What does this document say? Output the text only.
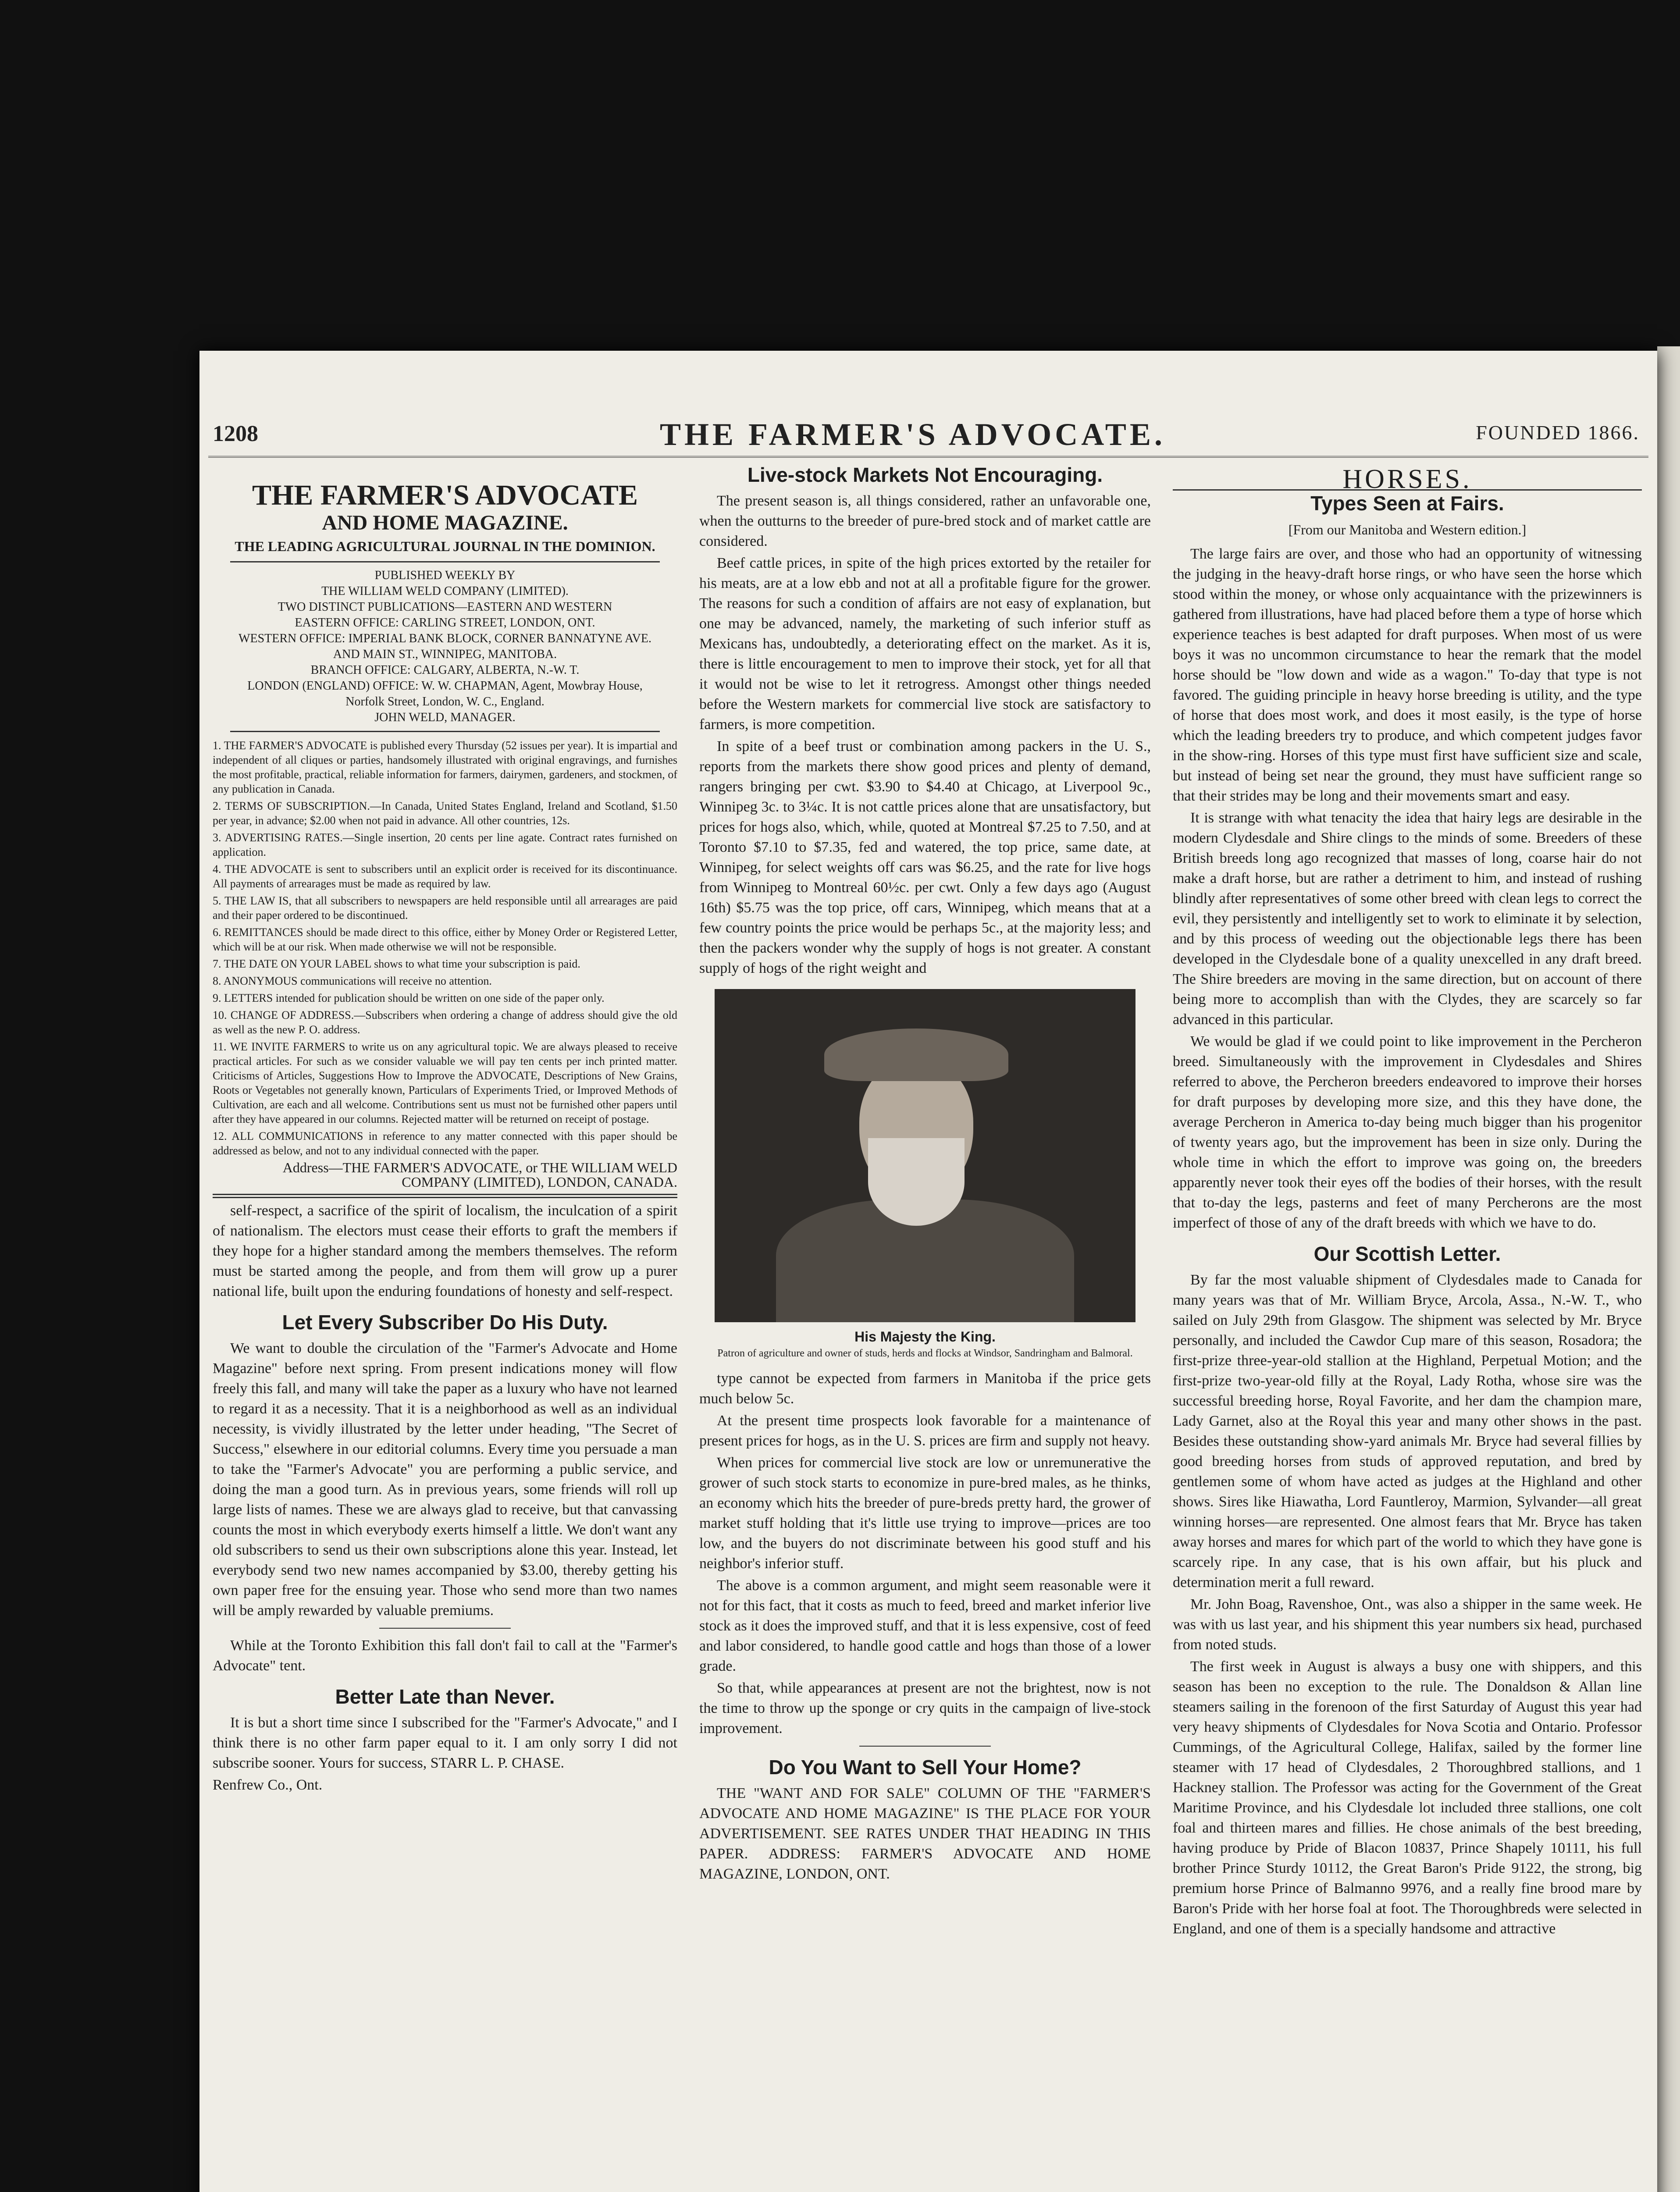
1208	THE FARMER'S ADVOCATE.	FOUNDED 1866.
THE FARMER'S ADVOCATE
AND HOME MAGAZINE.
THE LEADING AGRICULTURAL JOURNAL IN THE DOMINION.
PUBLISHED WEEKLY BY
THE WILLIAM WELD COMPANY (LIMITED).
TWO DISTINCT PUBLICATIONS—EASTERN AND WESTERN
EASTERN OFFICE: CARLING STREET, LONDON, ONT.
WESTERN OFFICE: IMPERIAL BANK BLOCK, CORNER BANNATYNE AVE. AND MAIN ST., WINNIPEG, MANITOBA.
BRANCH OFFICE: CALGARY, ALBERTA, N.-W. T.
LONDON (ENGLAND) OFFICE: W. W. CHAPMAN, Agent, Mowbray House, Norfolk Street, London, W. C., England.
JOHN WELD, MANAGER.
1. THE FARMER'S ADVOCATE is published every Thursday (52 issues per year). It is impartial and independent of all cliques or parties, handsomely illustrated with original engravings, and furnishes the most profitable, practical, reliable information for farmers, dairymen, gardeners, and stockmen, of any publication in Canada.
2. TERMS OF SUBSCRIPTION.—In Canada, United States England, Ireland and Scotland, $1.50 per year, in advance; $2.00 when not paid in advance. All other countries, 12s.
3. ADVERTISING RATES.—Single insertion, 20 cents per line agate. Contract rates furnished on application.
4. THE ADVOCATE is sent to subscribers until an explicit order is received for its discontinuance. All payments of arrearages must be made as required by law.
5. THE LAW IS, that all subscribers to newspapers are held responsible until all arrearages are paid and their paper ordered to be discontinued.
6. REMITTANCES should be made direct to this office, either by Money Order or Registered Letter, which will be at our risk. When made otherwise we will not be responsible.
7. THE DATE ON YOUR LABEL shows to what time your subscription is paid.
8. ANONYMOUS communications will receive no attention.
9. LETTERS intended for publication should be written on one side of the paper only.
10. CHANGE OF ADDRESS.—Subscribers when ordering a change of address should give the old as well as the new P. O. address.
11. WE INVITE FARMERS to write us on any agricultural topic. We are always pleased to receive practical articles. For such as we consider valuable we will pay ten cents per inch printed matter. Criticisms of Articles, Suggestions How to Improve the ADVOCATE, Descriptions of New Grains, Roots or Vegetables not generally known, Particulars of Experiments Tried, or Improved Methods of Cultivation, are each and all welcome. Contributions sent us must not be furnished other papers until after they have appeared in our columns. Rejected matter will be returned on receipt of postage.
12. ALL COMMUNICATIONS in reference to any matter connected with this paper should be addressed as below, and not to any individual connected with the paper.
Address—THE FARMER'S ADVOCATE, or THE WILLIAM WELD COMPANY (LIMITED), LONDON, CANADA.

self-respect, a sacrifice of the spirit of localism, the inculcation of a spirit of nationalism. The electors must cease their efforts to graft the members if they hope for a higher standard among the members themselves. The reform must be started among the people, and from them will grow up a purer national life, built upon the enduring foundations of honesty and self-respect.

Let Every Subscriber Do His Duty.

We want to double the circulation of the "Farmer's Advocate and Home Magazine" before next spring. From present indications money will flow freely this fall, and many will take the paper as a luxury who have not learned to regard it as a necessity. That it is a neighborhood as well as an individual necessity, is vividly illustrated by the letter under heading, "The Secret of Success," elsewhere in our editorial columns. Every time you persuade a man to take the "Farmer's Advocate" you are performing a public service, and doing the man a good turn. As in previous years, some friends will roll up large lists of names. These we are always glad to receive, but that canvassing counts the most in which everybody exerts himself a little. We don't want any old subscribers to send us their own subscriptions alone this year. Instead, let everybody send two new names accompanied by $3.00, thereby getting his own paper free for the ensuing year. Those who send more than two names will be amply rewarded by valuable premiums.

While at the Toronto Exhibition this fall don't fail to call at the "Farmer's Advocate" tent.

Better Late than Never.

It is but a short time since I subscribed for the "Farmer's Advocate," and I think there is no other farm paper equal to it. I am only sorry I did not subscribe sooner. Yours for success, STARR L. P. CHASE.

Renfrew Co., Ont.
Live-stock Markets Not Encouraging.

The present season is, all things considered, rather an unfavorable one, when the outturns to the breeder of pure-bred stock and of market cattle are considered.

Beef cattle prices, in spite of the high prices extorted by the retailer for his meats, are at a low ebb and not at all a profitable figure for the grower. The reasons for such a condition of affairs are not easy of explanation, but one may be advanced, namely, the marketing of such inferior stuff as Mexicans has, undoubtedly, a deteriorating effect on the market. As it is, there is little encouragement to men to improve their stock, yet for all that it would not be wise to let it retrogress. Amongst other things needed before the Western markets for commercial live stock are satisfactory to farmers, is more competition.

In spite of a beef trust or combination among packers in the U. S., reports from the markets there show good prices and plenty of demand, rangers bringing per cwt. $3.90 to $4.40 at Chicago, at Liverpool 9c., Winnipeg 3c. to 3¼c. It is not cattle prices alone that are unsatisfactory, but prices for hogs also, which, while, quoted at Montreal $7.25 to 7.50, and at Toronto $7.10 to $7.35, fed and watered, the top price, same date, at Winnipeg, for select weights off cars was $6.25, and the rate for live hogs from Winnipeg to Montreal 60½c. per cwt. Only a few days ago (August 16th) $5.75 was the top price, off cars, Winnipeg, which means that at a few country points the price would be perhaps 5c., at the majority less; and then the packers wonder why the supply of hogs is not greater. A constant supply of hogs of the right weight and

His Majesty the King.
Patron of agriculture and owner of studs, herds and flocks at Windsor, Sandringham and Balmoral.

type cannot be expected from farmers in Manitoba if the price gets much below 5c.

At the present time prospects look favorable for a maintenance of present prices for hogs, as in the U. S. prices are firm and supply not heavy.

When prices for commercial live stock are low or unremunerative the grower of such stock starts to economize in pure-bred males, as he thinks, an economy which hits the breeder of pure-breds pretty hard, the grower of market stuff holding that it's little use trying to improve—prices are too low, and the buyers do not discriminate between his good stuff and his neighbor's inferior stuff.

The above is a common argument, and might seem reasonable were it not for this fact, that it costs as much to feed, breed and market inferior live stock as it does the improved stuff, and that it is less expensive, cost of feed and labor considered, to handle good cattle and hogs than those of a lower grade.

So that, while appearances at present are not the brightest, now is not the time to throw up the sponge or cry quits in the campaign of live-stock improvement.

Do You Want to Sell Your Home?

THE "WANT AND FOR SALE" COLUMN OF THE "FARMER'S ADVOCATE AND HOME MAGAZINE" IS THE PLACE FOR YOUR ADVERTISEMENT. SEE RATES UNDER THAT HEADING IN THIS PAPER. ADDRESS: FARMER'S ADVOCATE AND HOME MAGAZINE, LONDON, ONT.

HORSES.
Types Seen at Fairs.
[From our Manitoba and Western edition.]

The large fairs are over, and those who had an opportunity of witnessing the judging in the heavy-draft horse rings, or who have seen the horse which stood within the money, or whose only acquaintance with the prizewinners is gathered from illustrations, have had placed before them a type of horse which experience teaches is best adapted for draft purposes. When most of us were boys it was no uncommon circumstance to hear the remark that the model horse should be "low down and wide as a wagon." To-day that type is not favored. The guiding principle in heavy horse breeding is utility, and the type of horse that does most work, and does it most easily, is the type of horse which the leading breeders try to produce, and which competent judges favor in the show-ring. Horses of this type must first have sufficient size and scale, but instead of being set near the ground, they must have sufficient range so that their strides may be long and their movements smart and easy.

It is strange with what tenacity the idea that hairy legs are desirable in the modern Clydesdale and Shire clings to the minds of some. Breeders of these British breeds long ago recognized that masses of long, coarse hair do not make a draft horse, but are rather a detriment to him, and instead of rushing blindly after representatives of some other breed with clean legs to correct the evil, they persistently and intelligently set to work to eliminate it by selection, and by this process of weeding out the objectionable legs there has been developed in the Clydesdale bone of a quality unexcelled in any draft breed. The Shire breeders are moving in the same direction, but on account of there being more to accomplish than with the Clydes, they are scarcely so far advanced in this particular.

We would be glad if we could point to like improvement in the Percheron breed. Simultaneously with the improvement in Clydesdales and Shires referred to above, the Percheron breeders endeavored to improve their horses for draft purposes by developing more size, and this they have done, the average Percheron in America to-day being much bigger than his progenitor of twenty years ago, but the improvement has been in size only. During the whole time in which the effort to improve was going on, the breeders apparently never took their eyes off the bodies of their horses, with the result that to-day the legs, pasterns and feet of many Percherons are the most imperfect of those of any of the draft breeds with which we have to do.

Our Scottish Letter.

By far the most valuable shipment of Clydesdales made to Canada for many years was that of Mr. William Bryce, Arcola, Assa., N.-W. T., who sailed on July 29th from Glasgow. The shipment was selected by Mr. Bryce personally, and included the Cawdor Cup mare of this season, Rosadora; the first-prize three-year-old stallion at the Highland, Perpetual Motion; and the first-prize two-year-old filly at the Royal, Lady Rotha, whose sire was the successful breeding horse, Royal Favorite, and her dam the champion mare, Lady Garnet, also at the Royal this year and many other shows in the past. Besides these outstanding show-yard animals Mr. Bryce had several fillies by good breeding horses from studs of approved reputation, and bred by gentlemen some of whom have acted as judges at the Highland and other shows. Sires like Hiawatha, Lord Fauntleroy, Marmion, Sylvander—all great winning horses—are represented. One almost fears that Mr. Bryce has taken away horses and mares for which part of the world to which they have gone is scarcely ripe. In any case, that is his own affair, but his pluck and determination merit a full reward.

Mr. John Boag, Ravenshoe, Ont., was also a shipper in the same week. He was with us last year, and his shipment this year numbers six head, purchased from noted studs.

The first week in August is always a busy one with shippers, and this season has been no exception to the rule. The Donaldson & Allan line steamers sailing in the forenoon of the first Saturday of August this year had very heavy shipments of Clydesdales for Nova Scotia and Ontario. Professor Cummings, of the Agricultural College, Halifax, sailed by the former line steamer with 17 head of Clydesdales, 2 Thoroughbred stallions, and 1 Hackney stallion. The Professor was acting for the Government of the Great Maritime Province, and his Clydesdale lot included three stallions, one colt foal and thirteen mares and fillies. He chose animals of the best breeding, having produce by Pride of Blacon 10837, Prince Shapely 10111, his full brother Prince Sturdy 10112, the Great Baron's Pride 9122, the strong, big premium horse Prince of Balmanno 9976, and a really fine brood mare by Baron's Pride with her horse foal at foot. The Thoroughbreds were selected in England, and one of them is a specially handsome and attractive
